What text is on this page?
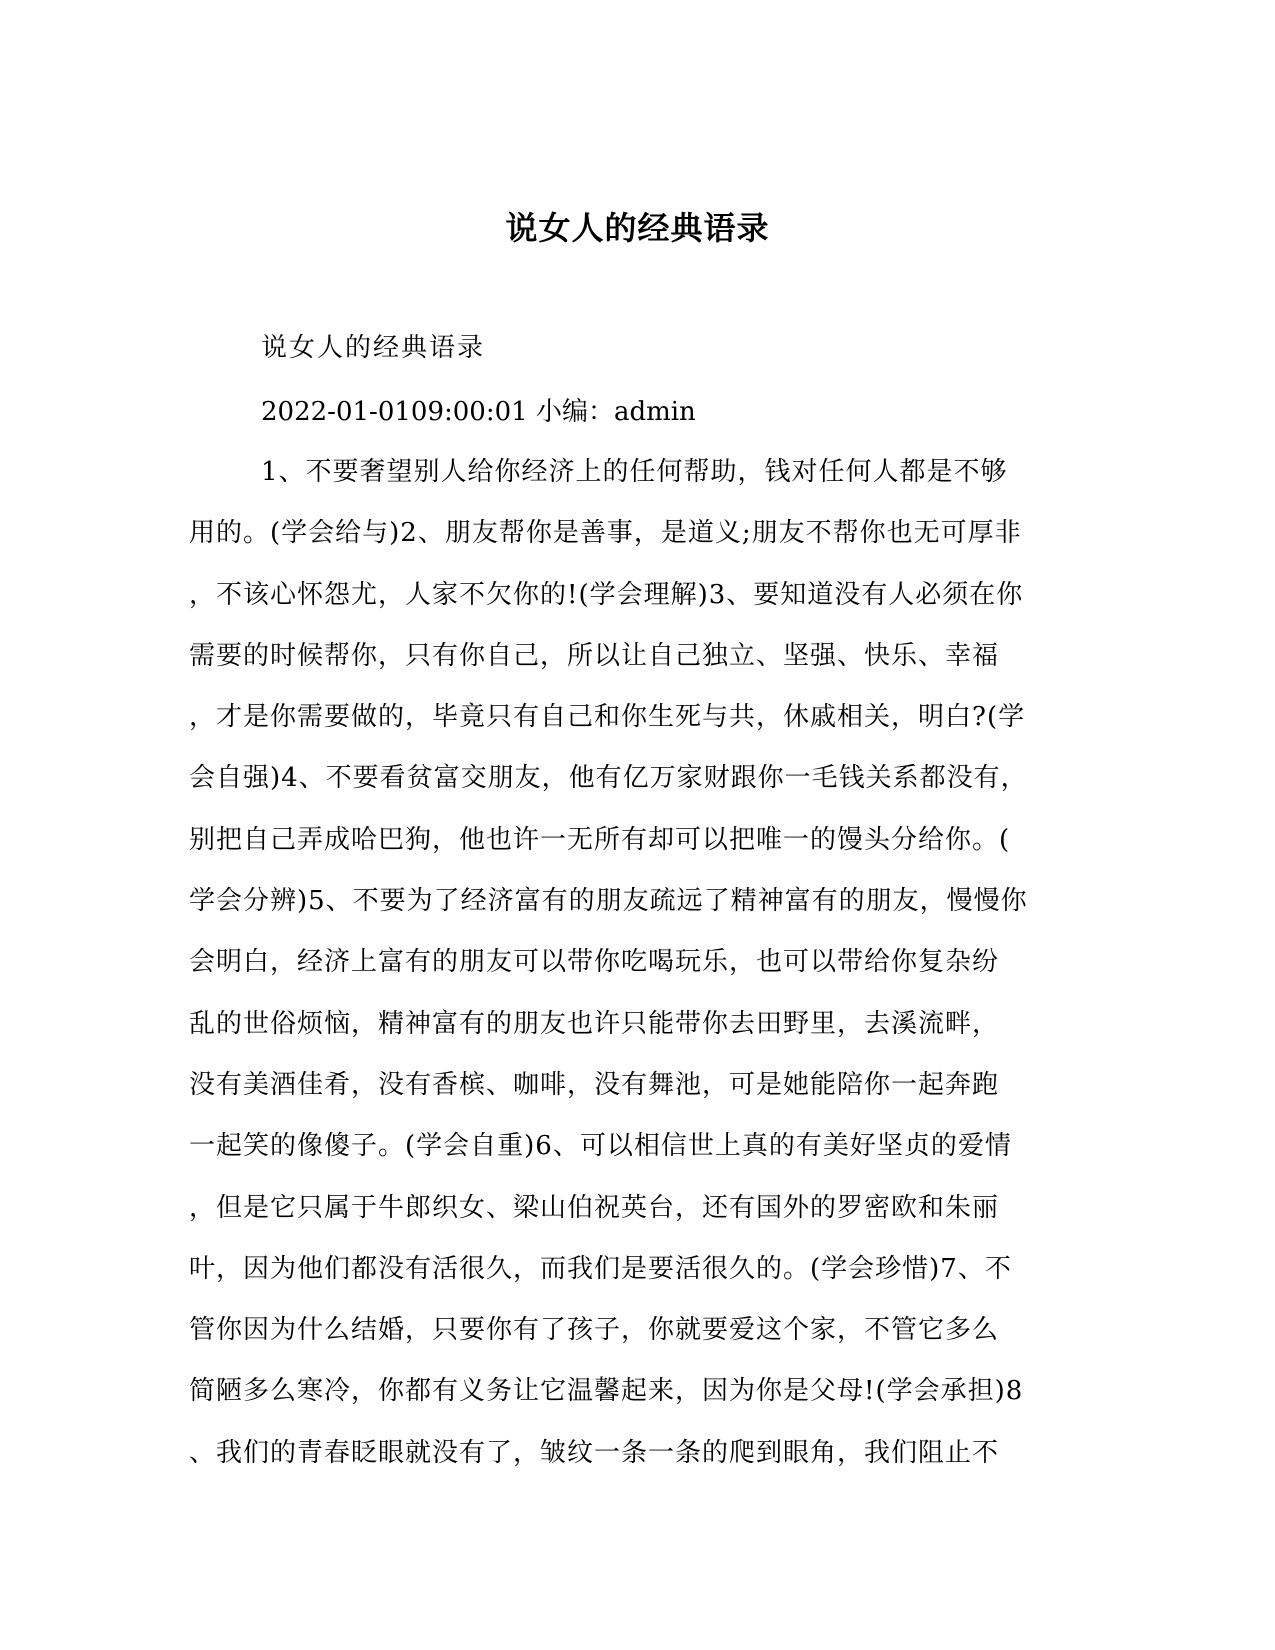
说女人的经典语录
说女人的经典语录
2022-01-0109:00:01 小编：admin
1、不要奢望别人给你经济上的任何帮助，钱对任何人都是不够
用的。(学会给与)2、朋友帮你是善事，是道义;朋友不帮你也无可厚非
，不该心怀怨尤，人家不欠你的!(学会理解)3、要知道没有人必须在你
需要的时候帮你，只有你自己，所以让自己独立、坚强、快乐、幸福
，才是你需要做的，毕竟只有自己和你生死与共，休戚相关，明白?(学
会自强)4、不要看贫富交朋友，他有亿万家财跟你一毛钱关系都没有，
别把自己弄成哈巴狗，他也许一无所有却可以把唯一的馒头分给你。(
学会分辨)5、不要为了经济富有的朋友疏远了精神富有的朋友，慢慢你
会明白，经济上富有的朋友可以带你吃喝玩乐，也可以带给你复杂纷
乱的世俗烦恼，精神富有的朋友也许只能带你去田野里，去溪流畔，
没有美酒佳肴，没有香槟、咖啡，没有舞池，可是她能陪你一起奔跑
一起笑的像傻子。(学会自重)6、可以相信世上真的有美好坚贞的爱情
，但是它只属于牛郎织女、梁山伯祝英台，还有国外的罗密欧和朱丽
叶，因为他们都没有活很久，而我们是要活很久的。(学会珍惜)7、不
管你因为什么结婚，只要你有了孩子，你就要爱这个家，不管它多么
简陋多么寒冷，你都有义务让它温馨起来，因为你是父母!(学会承担)8
、我们的青春眨眼就没有了，皱纹一条一条的爬到眼角，我们阻止不
